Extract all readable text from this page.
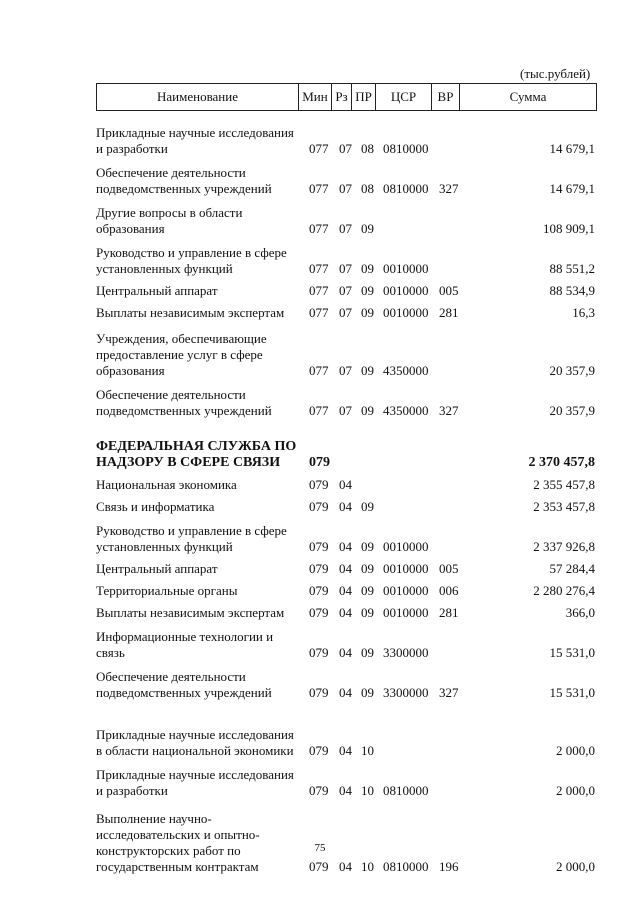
(тыс.рублей)
Наименование	Мин	Рз	ПР	ЦСР	ВР	Сумма
Прикладные научные исследования и разработки	077 07 08 0810000	14 679,1
Обеспечение деятельности подведомственных учреждений	077 07 08 0810000 327	14 679,1
Другие вопросы в области образования	077 07 09	108 909,1
Руководство и управление в сфере установленных функций	077 07 09 0010000	88 551,2
Центральный аппарат	077 07 09 0010000 005	88 534,9
Выплаты независимым экспертам	077 07 09 0010000 281	16,3
Учреждения, обеспечивающие предоставление услуг в сфере образования	077 07 09 4350000	20 357,9
Обеспечение деятельности подведомственных учреждений	077 07 09 4350000 327	20 357,9
ФЕДЕРАЛЬНАЯ СЛУЖБА ПО НАДЗОРУ В СФЕРЕ СВЯЗИ	079	2 370 457,8
Национальная экономика	079 04	2 355 457,8
Связь и информатика	079 04 09	2 353 457,8
Руководство и управление в сфере установленных функций	079 04 09 0010000	2 337 926,8
Центральный аппарат	079 04 09 0010000 005	57 284,4
Территориальные органы	079 04 09 0010000 006	2 280 276,4
Выплаты независимым экспертам	079 04 09 0010000 281	366,0
Информационные технологии и связь	079 04 09 3300000	15 531,0
Обеспечение деятельности подведомственных учреждений	079 04 09 3300000 327	15 531,0
Прикладные научные исследования в области национальной экономики	079 04 10	2 000,0
Прикладные научные исследования и разработки	079 04 10 0810000	2 000,0
Выполнение научно-исследовательских и опытно-конструкторских работ по государственным контрактам	079 04 10 0810000 196	2 000,0
75
